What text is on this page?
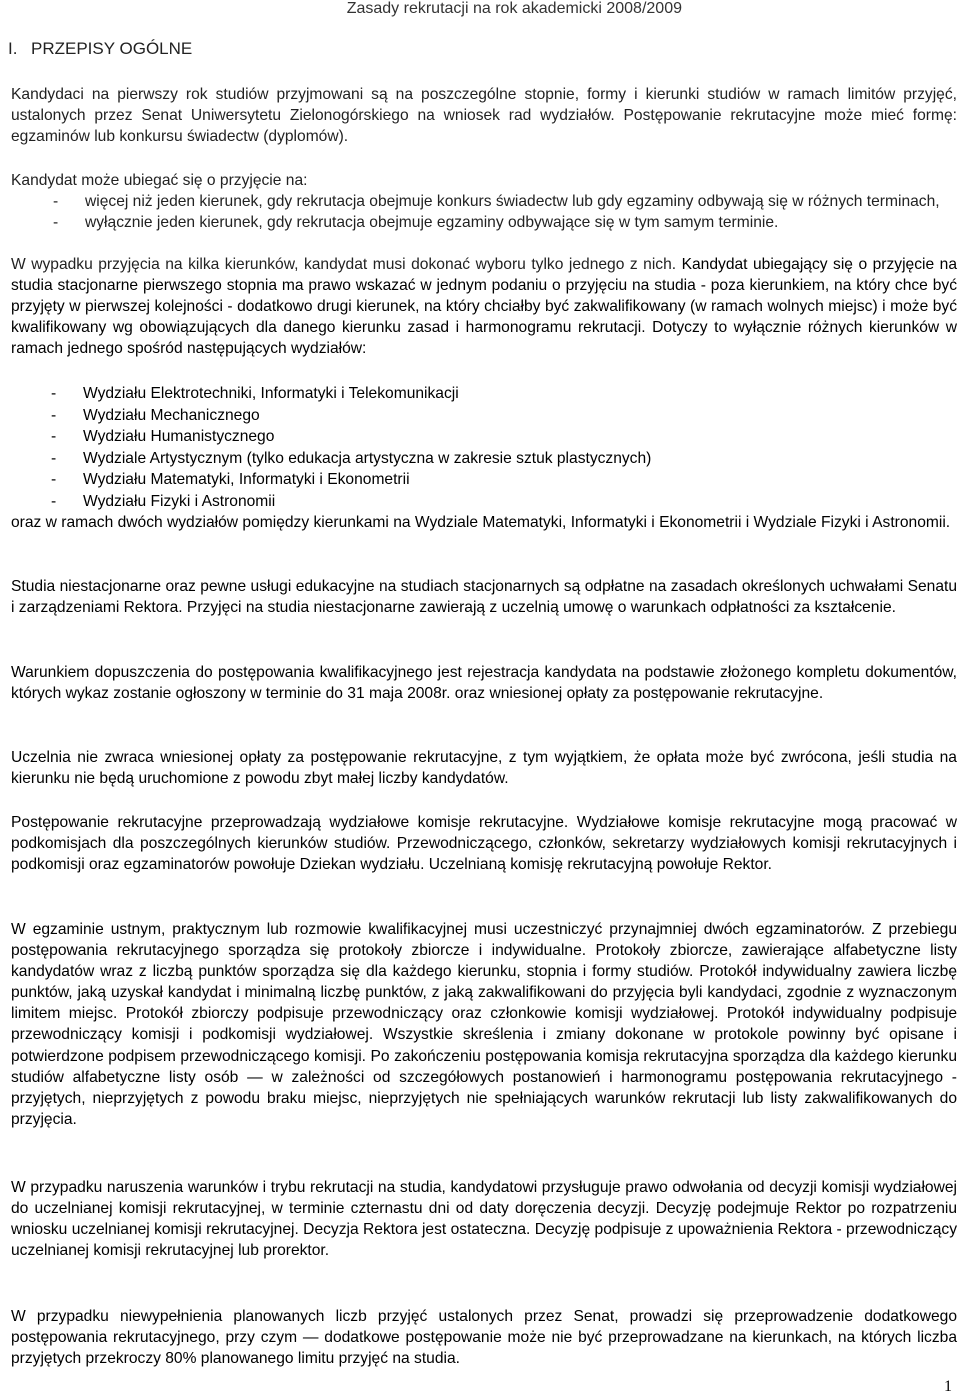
Zasady rekrutacji na rok akademicki 2008/2009
I. PRZEPISY OGÓLNE

Kandydaci na pierwszy rok studiów przyjmowani są na poszczególne stopnie, formy i kierunki studiów w ramach limitów przyjęć, ustalonych przez Senat Uniwersytetu Zielonogórskiego na wniosek rad wydziałów. Postępowanie rekrutacyjne może mieć formę: egzaminów lub konkursu świadectw (dyplomów).

Kandydat może ubiegać się o przyjęcie na:

- więcej niż jeden kierunek, gdy rekrutacja obejmuje konkurs świadectw lub gdy egzaminy odbywają się w różnych terminach,
- wyłącznie jeden kierunek, gdy rekrutacja obejmuje egzaminy odbywające się w tym samym terminie.

W wypadku przyjęcia na kilka kierunków, kandydat musi dokonać wyboru tylko jednego z nich. Kandydat ubiegający się o przyjęcie na studia stacjonarne pierwszego stopnia ma prawo wskazać w jednym podaniu o przyjęciu na studia - poza kierunkiem, na który chce być przyjęty w pierwszej kolejności - dodatkowo drugi kierunek, na który chciałby być zakwalifikowany (w ramach wolnych miejsc) i może być kwalifikowany wg obowiązujących dla danego kierunku zasad i harmonogramu rekrutacji. Dotyczy to wyłącznie różnych kierunków w ramach jednego spośród następujących wydziałów:

- Wydziału Elektrotechniki, Informatyki i Telekomunikacji
- Wydziału Mechanicznego
- Wydziału Humanistycznego
- Wydziale Artystycznym (tylko edukacja artystyczna w zakresie sztuk plastycznych)
- Wydziału Matematyki, Informatyki i Ekonometrii
- Wydziału Fizyki i Astronomii

oraz w ramach dwóch wydziałów pomiędzy kierunkami na Wydziale Matematyki, Informatyki i Ekonometrii i Wydziale Fizyki i Astronomii.

Studia niestacjonarne oraz pewne usługi edukacyjne na studiach stacjonarnych są odpłatne na zasadach określonych uchwałami Senatu i zarządzeniami Rektora. Przyjęci na studia niestacjonarne zawierają z uczelnią umowę o warunkach odpłatności za kształcenie.

Warunkiem dopuszczenia do postępowania kwalifikacyjnego jest rejestracja kandydata na podstawie złożonego kompletu dokumentów, których wykaz zostanie ogłoszony w terminie do 31 maja 2008r. oraz wniesionej opłaty za postępowanie rekrutacyjne.

Uczelnia nie zwraca wniesionej opłaty za postępowanie rekrutacyjne, z tym wyjątkiem, że opłata może być zwrócona, jeśli studia na kierunku nie będą uruchomione z powodu zbyt małej liczby kandydatów.

Postępowanie rekrutacyjne przeprowadzają wydziałowe komisje rekrutacyjne. Wydziałowe komisje rekrutacyjne mogą pracować w podkomisjach dla poszczególnych kierunków studiów. Przewodniczącego, członków, sekretarzy wydziałowych komisji rekrutacyjnych i podkomisji oraz egzaminatorów powołuje Dziekan wydziału. Uczelnianą komisję rekrutacyjną powołuje Rektor.

W egzaminie ustnym, praktycznym lub rozmowie kwalifikacyjnej musi uczestniczyć przynajmniej dwóch egzaminatorów. Z przebiegu postępowania rekrutacyjnego sporządza się protokoły zbiorcze i indywidualne. Protokoły zbiorcze, zawierające alfabetyczne listy kandydatów wraz z liczbą punktów sporządza się dla każdego kierunku, stopnia i formy studiów. Protokół indywidualny zawiera liczbę punktów, jaką uzyskał kandydat i minimalną liczbę punktów, z jaką zakwalifikowani do przyjęcia byli kandydaci, zgodnie z wyznaczonym limitem miejsc. Protokół zbiorczy podpisuje przewodniczący oraz członkowie komisji wydziałowej. Protokół indywidualny podpisuje przewodniczący komisji i podkomisji wydziałowej. Wszystkie skreślenia i zmiany dokonane w protokole powinny być opisane i potwierdzone podpisem przewodniczącego komisji. Po zakończeniu postępowania komisja rekrutacyjna sporządza dla każdego kierunku studiów alfabetyczne listy osób — w zależności od szczegółowych postanowień i harmonogramu postępowania rekrutacyjnego - przyjętych, nieprzyjętych z powodu braku miejsc, nieprzyjętych nie spełniających warunków rekrutacji lub listy zakwalifikowanych do przyjęcia.

W przypadku naruszenia warunków i trybu rekrutacji na studia, kandydatowi przysługuje prawo odwołania od decyzji komisji wydziałowej do uczelnianej komisji rekrutacyjnej, w terminie czternastu dni od daty doręczenia decyzji. Decyzję podejmuje Rektor po rozpatrzeniu wniosku uczelnianej komisji rekrutacyjnej. Decyzja Rektora jest ostateczna. Decyzję podpisuje z upoważnienia Rektora - przewodniczący uczelnianej komisji rekrutacyjnej lub prorektor.

W przypadku niewypełnienia planowanych liczb przyjęć ustalonych przez Senat, prowadzi się przeprowadzenie dodatkowego postępowania rekrutacyjnego, przy czym — dodatkowe postępowanie może nie być przeprowadzane na kierunkach, na których liczba przyjętych przekroczy 80% planowanego limitu przyjęć na studia.

1
